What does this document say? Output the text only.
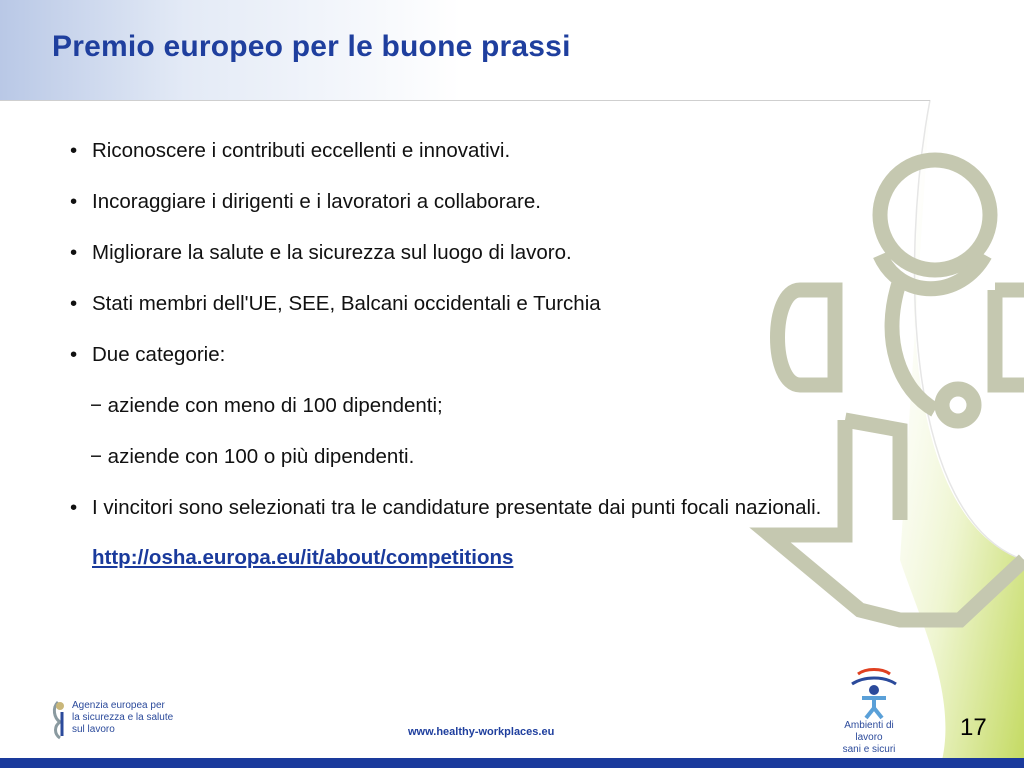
Premio europeo per le buone prassi
• Riconoscere i contributi eccellenti e innovativi.
• Incoraggiare i dirigenti e i lavoratori a collaborare.
• Migliorare la salute e la sicurezza sul luogo di lavoro.
• Stati membri dell'UE, SEE, Balcani occidentali e Turchia
• Due categorie:
− aziende con meno di 100 dipendenti;
− aziende con 100 o più dipendenti.
• I vincitori sono selezionati tra le candidature presentate dai punti focali nazionali.
http://osha.europa.eu/it/about/competitions
Agenzia europea per
la sicurezza e la salute
sul lavoro	www.healthy-workplaces.eu
Ambienti di lavoro
sani e sicuri
17
